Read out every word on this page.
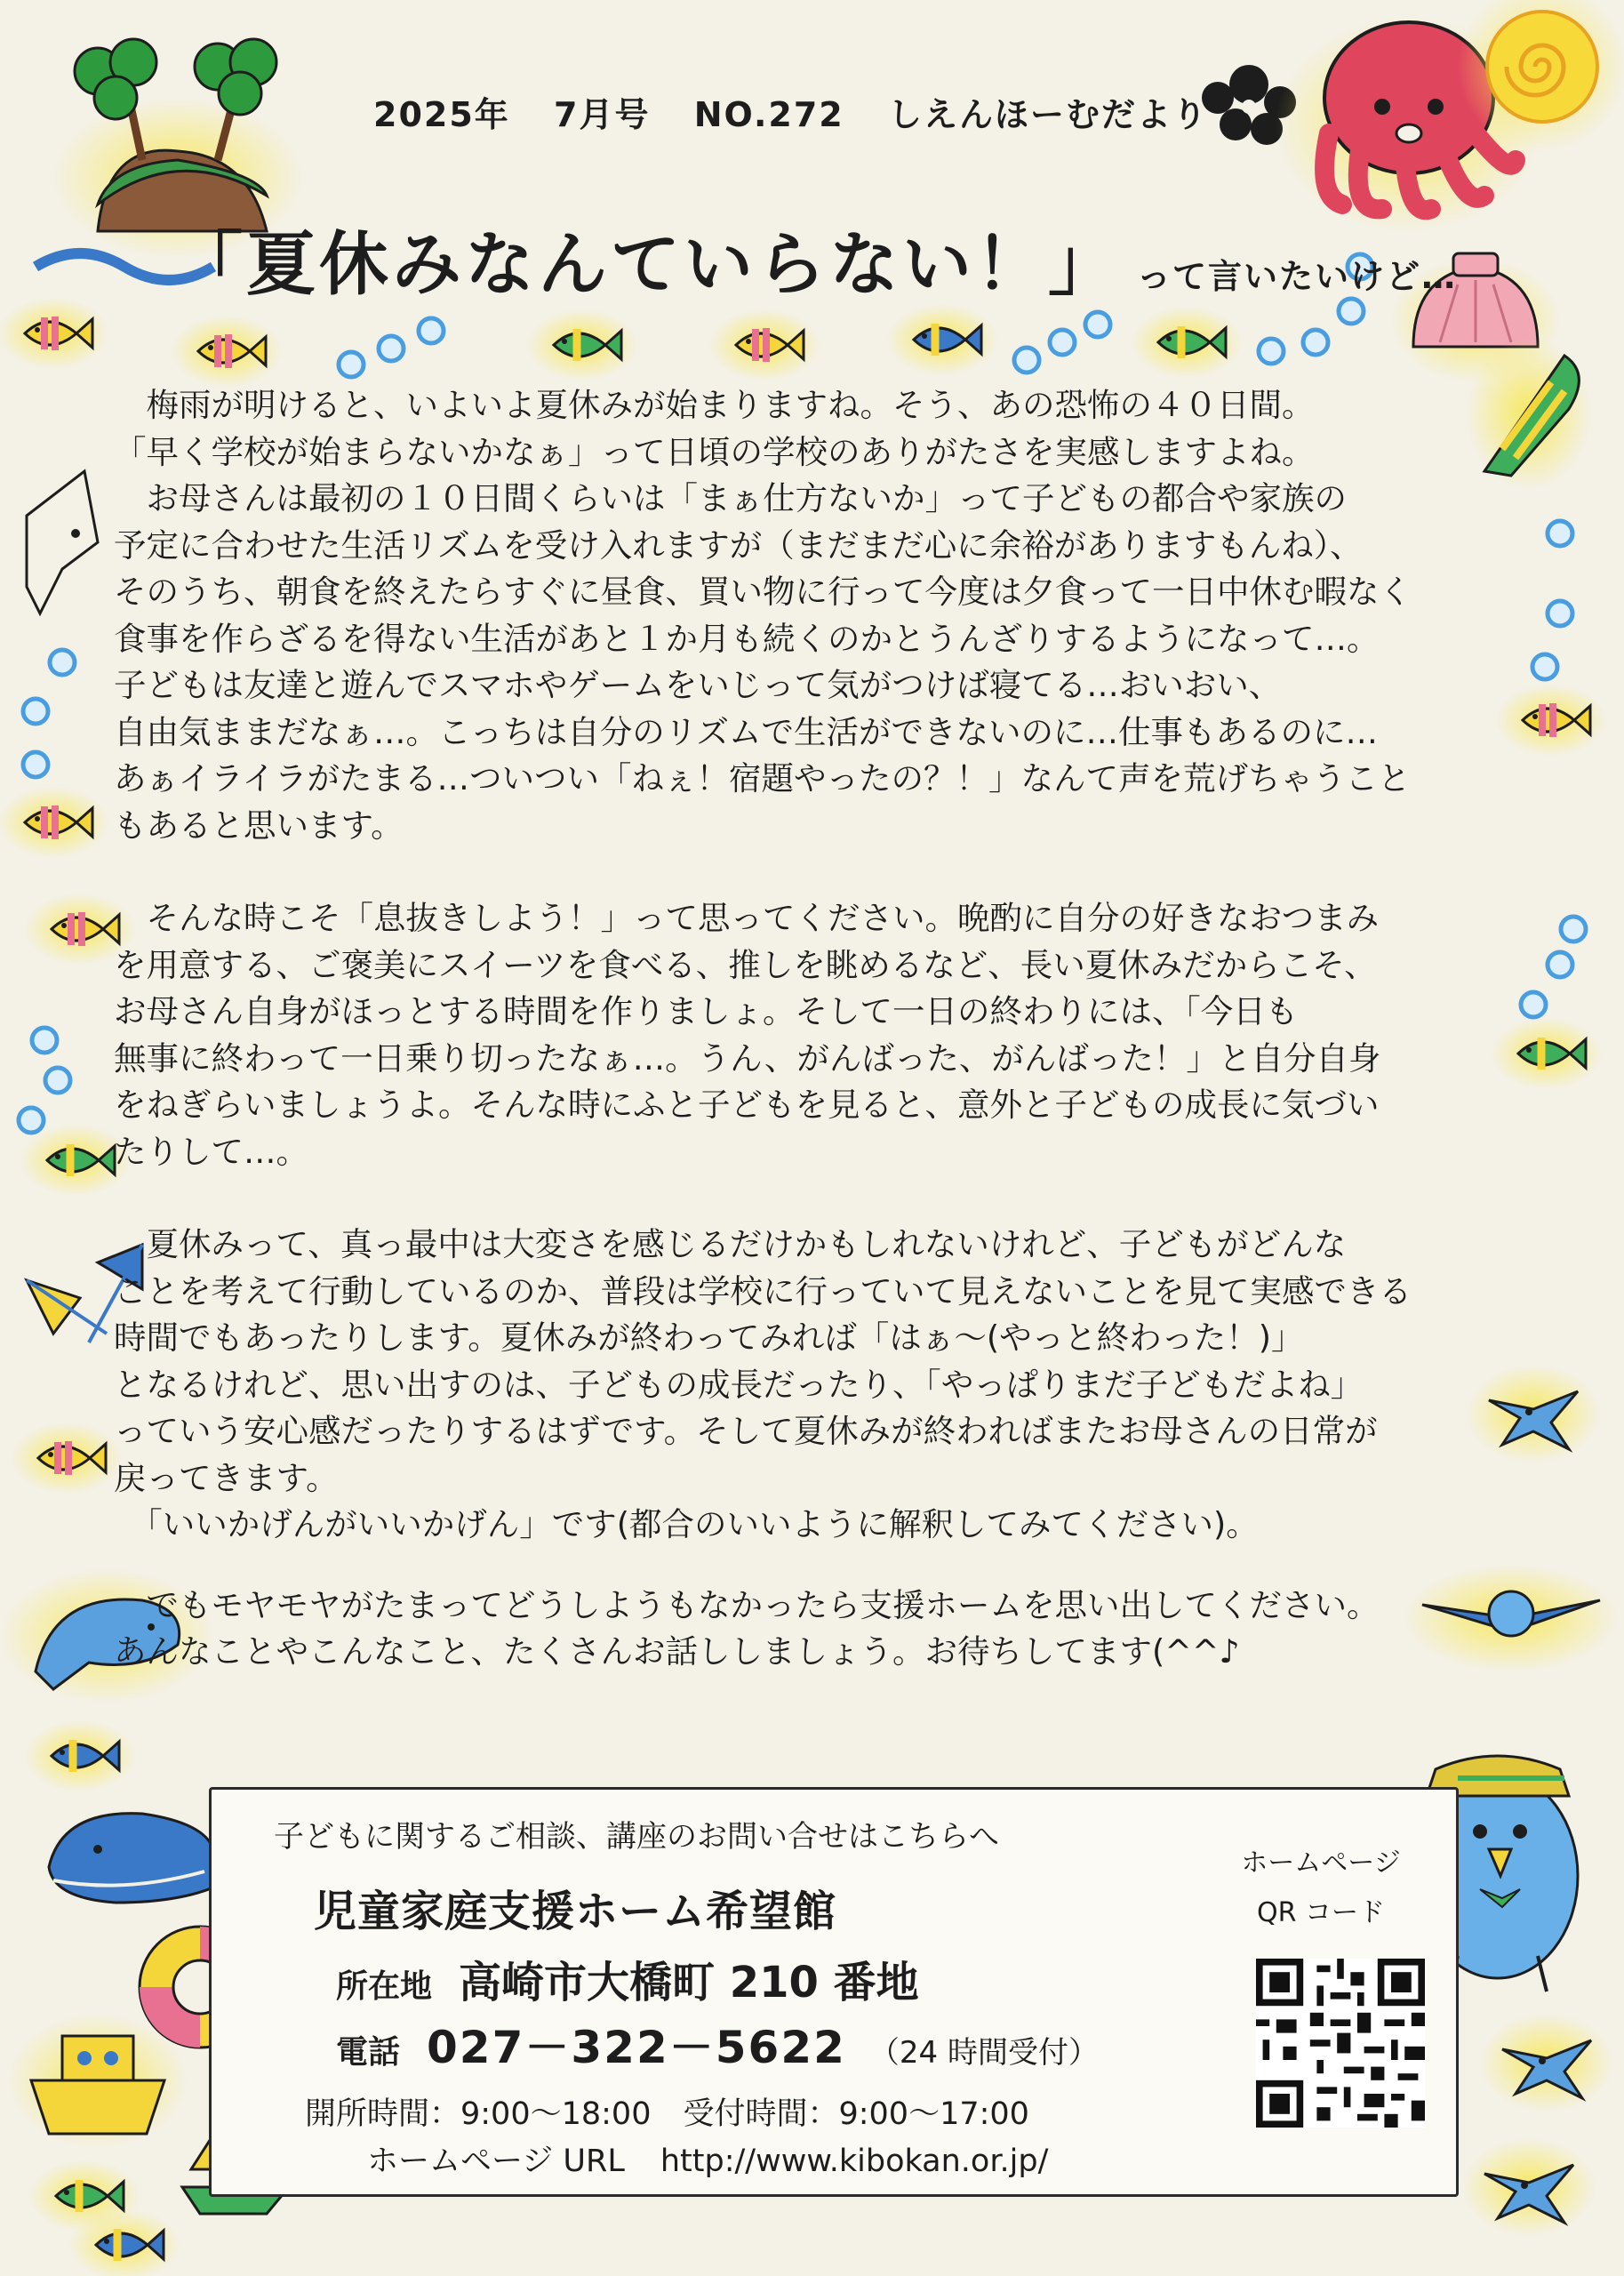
2025年 7月号 NO.272 しえんほーむだより
「夏休みなんていらない！」 って言いたいけど…

　梅雨が明けると、いよいよ夏休みが始まりますね。そう、あの恐怖の４０日間。

「早く学校が始まらないかなぁ」って日頃の学校のありがたさを実感しますよね。

　お母さんは最初の１０日間くらいは「まぁ仕方ないか」って子どもの都合や家族の

予定に合わせた生活リズムを受け入れますが（まだまだ心に余裕がありますもんね）、

そのうち、朝食を終えたらすぐに昼食、買い物に行って今度は夕食って一日中休む暇なく

食事を作らざるを得ない生活があと１か月も続くのかとうんざりするようになって…。

子どもは友達と遊んでスマホやゲームをいじって気がつけば寝てる…おいおい、

自由気ままだなぁ…。こっちは自分のリズムで生活ができないのに…仕事もあるのに…

あぁイライラがたまる…ついつい「ねぇ！宿題やったの？！」なんて声を荒げちゃうこと

もあると思います。

　そんな時こそ「息抜きしよう！」って思ってください。晩酌に自分の好きなおつまみ

を用意する、ご褒美にスイーツを食べる、推しを眺めるなど、長い夏休みだからこそ、

お母さん自身がほっとする時間を作りましょ。そして一日の終わりには、「今日も

無事に終わって一日乗り切ったなぁ…。うん、がんばった、がんばった！」と自分自身

をねぎらいましょうよ。そんな時にふと子どもを見ると、意外と子どもの成長に気づい

たりして…。

　夏休みって、真っ最中は大変さを感じるだけかもしれないけれど、子どもがどんな

ことを考えて行動しているのか、普段は学校に行っていて見えないことを見て実感できる

時間でもあったりします。夏休みが終わってみれば「はぁ～(やっと終わった！)」

となるけれど、思い出すのは、子どもの成長だったり、「やっぱりまだ子どもだよね」

っていう安心感だったりするはずです。そして夏休みが終わればまたお母さんの日常が

戻ってきます。

　「いいかげんがいいかげん」です(都合のいいように解釈してみてください)。

　でもモヤモヤがたまってどうしようもなかったら支援ホームを思い出してください。

あんなことやこんなこと、たくさんお話ししましょう。お待ちしてます(^^♪

子どもに関するご相談、講座のお問い合せはこちらへ
児童家庭支援ホーム希望館
所在地 高崎市大橋町 210 番地
電話 027－322－5622 （24 時間受付）
開所時間：9:00～18:00 受付時間：9:00～17:00
ホームページ URL http://www.kibokan.or.jp/
ホームページ
QR コード
